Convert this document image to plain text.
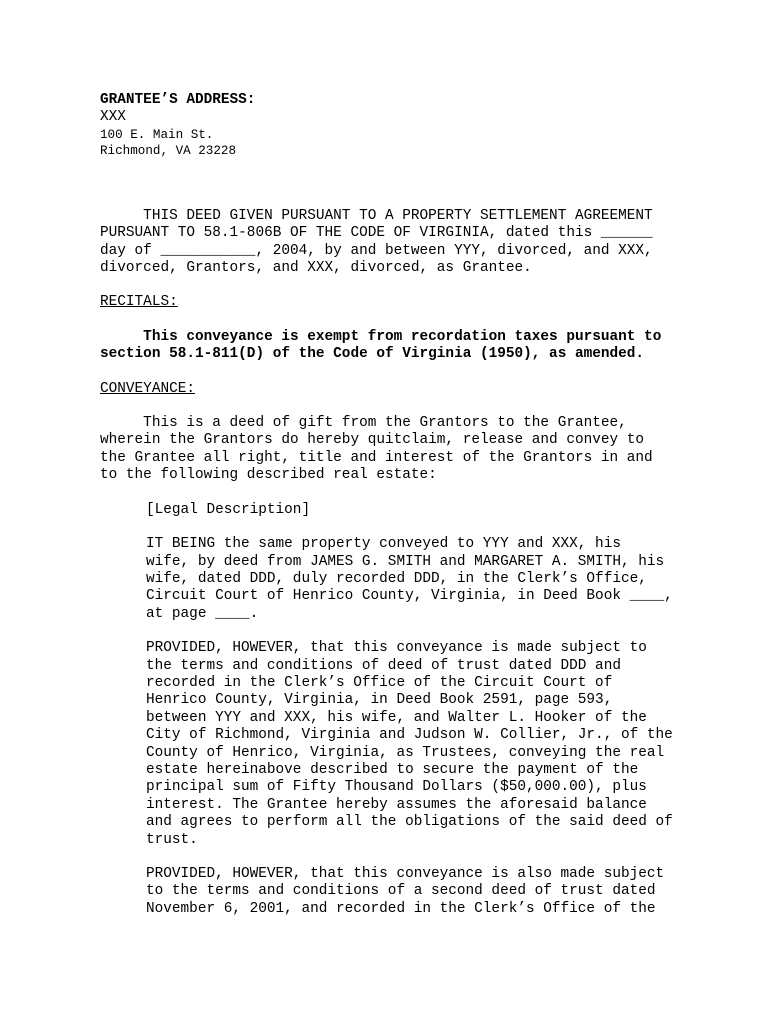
GRANTEE’S ADDRESS:

XXX

100 E. Main St.

Richmond, VA 23228

THIS DEED GIVEN PURSUANT TO A PROPERTY SETTLEMENT AGREEMENT
PURSUANT TO 58.1-806B OF THE CODE OF VIRGINIA, dated this ______
day of ___________, 2004, by and between YYY, divorced, and XXX,
divorced, Grantors, and XXX, divorced, as Grantee.

RECITALS:

This conveyance is exempt from recordation taxes pursuant to
section 58.1-811(D) of the Code of Virginia (1950), as amended.

CONVEYANCE:

This is a deed of gift from the Grantors to the Grantee,
wherein the Grantors do hereby quitclaim, release and convey to
the Grantee all right, title and interest of the Grantors in and
to the following described real estate:

[Legal Description]

IT BEING the same property conveyed to YYY and XXX, his
wife, by deed from JAMES G. SMITH and MARGARET A. SMITH, his
wife, dated DDD, duly recorded DDD, in the Clerk’s Office,
Circuit Court of Henrico County, Virginia, in Deed Book ____,
at page ____.

PROVIDED, HOWEVER, that this conveyance is made subject to
the terms and conditions of deed of trust dated DDD and
recorded in the Clerk’s Office of the Circuit Court of
Henrico County, Virginia, in Deed Book 2591, page 593,
between YYY and XXX, his wife, and Walter L. Hooker of the
City of Richmond, Virginia and Judson W. Collier, Jr., of the
County of Henrico, Virginia, as Trustees, conveying the real
estate hereinabove described to secure the payment of the
principal sum of Fifty Thousand Dollars ($50,000.00), plus
interest. The Grantee hereby assumes the aforesaid balance
and agrees to perform all the obligations of the said deed of
trust.

PROVIDED, HOWEVER, that this conveyance is also made subject
to the terms and conditions of a second deed of trust dated
November 6, 2001, and recorded in the Clerk’s Office of the
